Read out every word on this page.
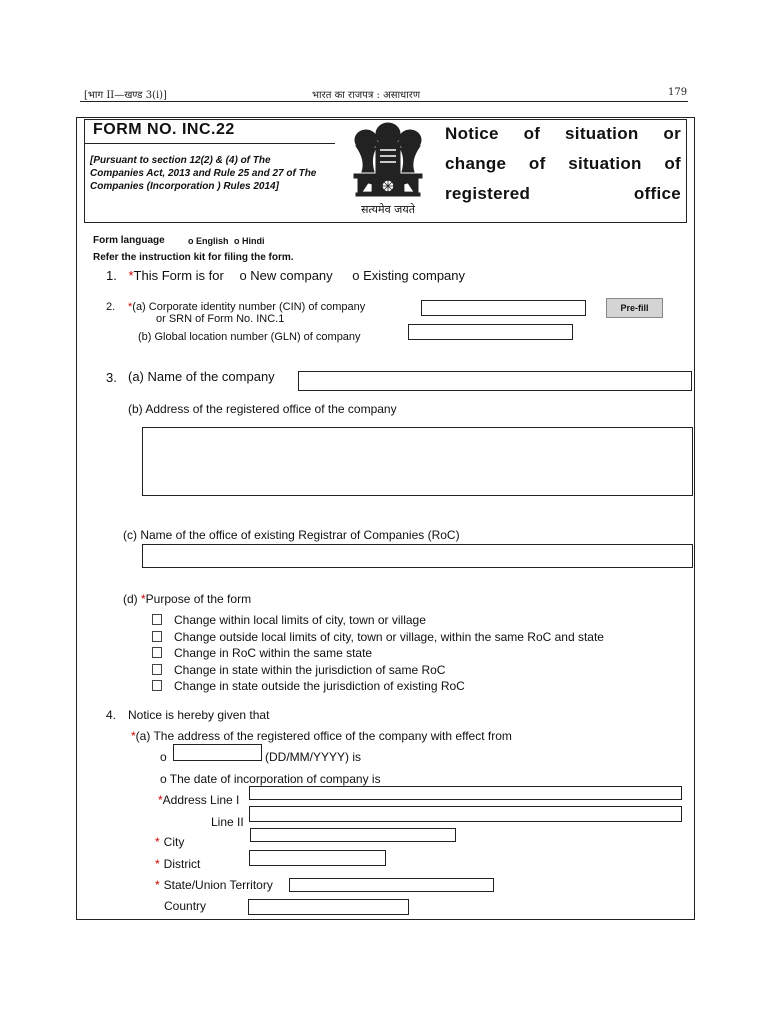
[भाग II—खण्ड 3(i)]	भारत का राजपत्र : असाधारण	179
FORM NO. INC.22
[Pursuant to section 12(2) & (4) of The Companies Act, 2013 and Rule 25 and 27 of The Companies (Incorporation ) Rules 2014]
सत्यमेव जयते
Notice of situation or
change of situation of
registered office
Form language	o English o Hindi
Refer the instruction kit for filing the form.
1. *This Form is for o New company o Existing company
2. *(a) Corporate identity number (CIN) of company
or SRN of Form No. INC.1
Pre-fill
(b) Global location number (GLN) of company
3. (a) Name of the company
(b) Address of the registered office of the company
(c) Name of the office of existing Registrar of Companies (RoC)
(d) *Purpose of the form
Change within local limits of city, town or village
Change outside local limits of city, town or village, within the same RoC and state
Change in RoC within the same state
Change in state within the jurisdiction of same RoC
Change in state outside the jurisdiction of existing RoC
4. Notice is hereby given that
*(a) The address of the registered office of the company with effect from
o	(DD/MM/YYYY) is
o The date of incorporation of company is
*Address Line I
Line II
* City
* District
* State/Union Territory
Country
